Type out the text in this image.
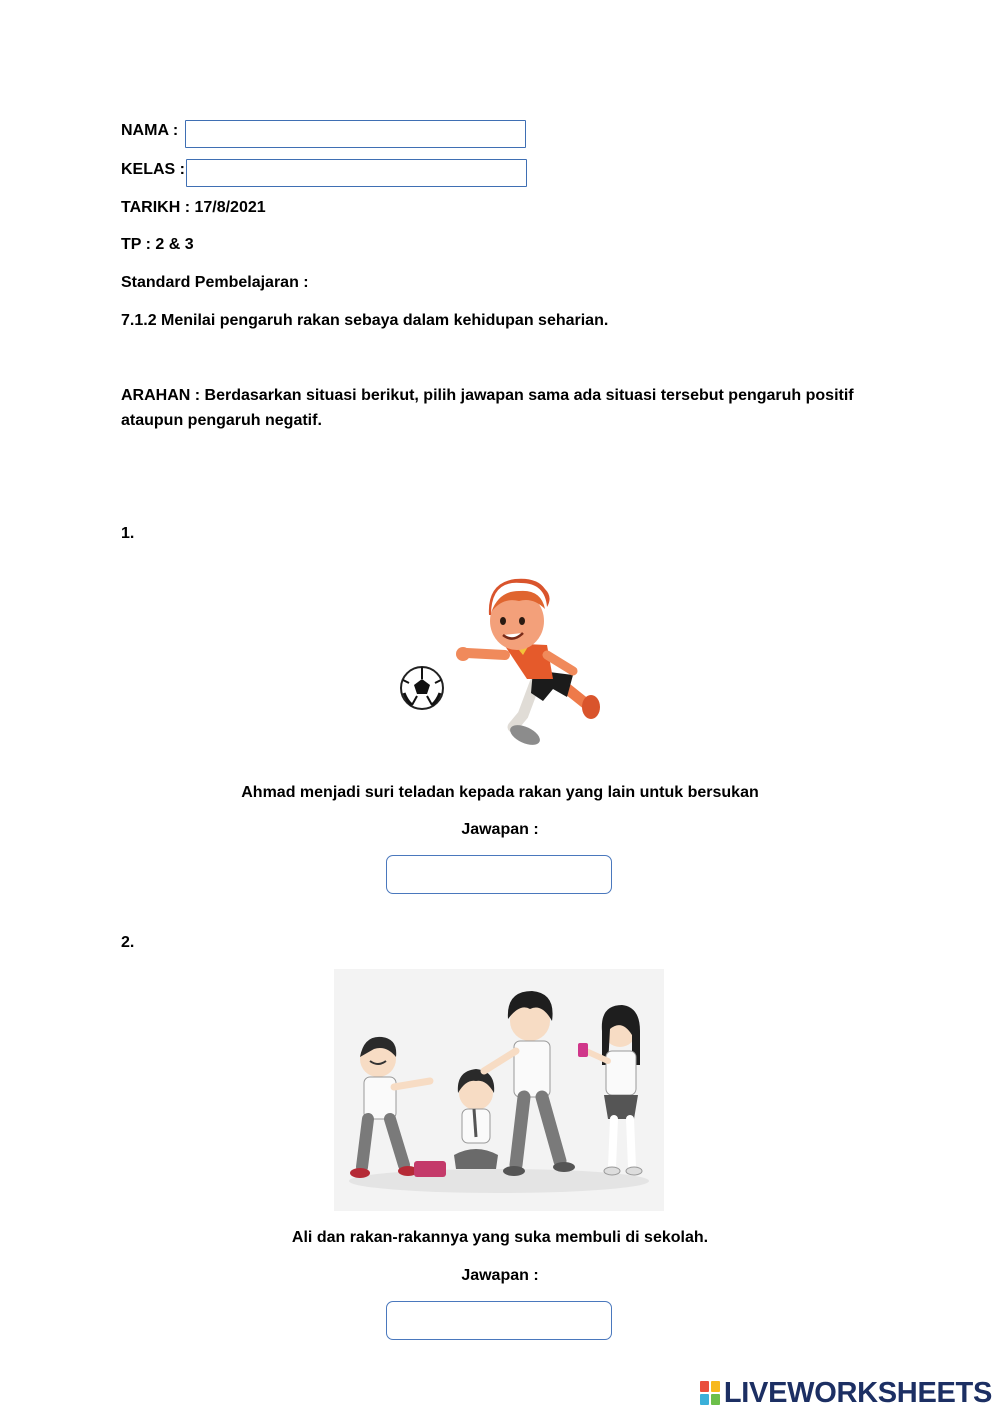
NAMA :
KELAS :
TARIKH : 17/8/2021
TP : 2 & 3
Standard Pembelajaran :
7.1.2 Menilai pengaruh rakan sebaya dalam kehidupan seharian.
ARAHAN : Berdasarkan situasi berikut, pilih jawapan sama ada situasi tersebut pengaruh positif
ataupun pengaruh negatif.
1.
Ahmad menjadi suri teladan kepada rakan yang lain untuk bersukan
Jawapan :
2.
Ali dan rakan-rakannya yang suka membuli di sekolah.
Jawapan :
LIVEWORKSHEETS
